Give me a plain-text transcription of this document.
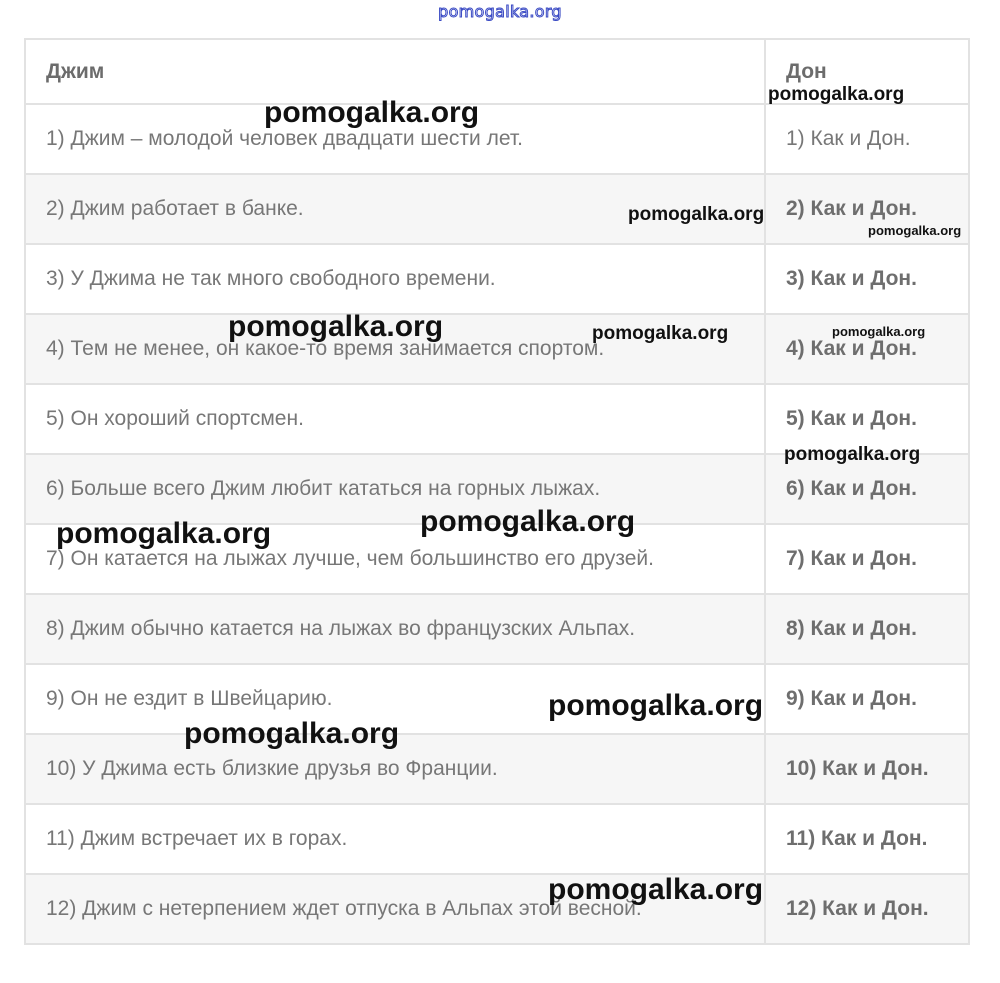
pomogalka.org
Джим	Дон
1) Джим – молодой человек двадцати шести лет.	1) Как и Дон.
2) Джим работает в банке.	2) Как и Дон.
3) У Джима не так много свободного времени.	3) Как и Дон.
4) Тем не менее, он какое-то время занимается спортом.	4) Как и Дон.
5) Он хороший спортсмен.	5) Как и Дон.
6) Больше всего Джим любит кататься на горных лыжах.	6) Как и Дон.
7) Он катается на лыжах лучше, чем большинство его друзей.	7) Как и Дон.
8) Джим обычно катается на лыжах во французских Альпах.	8) Как и Дон.
9) Он не ездит в Швейцарию.	9) Как и Дон.
10) У Джима есть близкие друзья во Франции.	10) Как и Дон.
11) Джим встречает их в горах.	11) Как и Дон.
12) Джим с нетерпением ждет отпуска в Альпах этой весной.	12) Как и Дон.
pomogalka.org
pomogalka.org
pomogalka.org
pomogalka.org
pomogalka.org	pomogalka.org	pomogalka.org
pomogalka.org
pomogalka.org
pomogalka.org
pomogalka.org
pomogalka.org
pomogalka.org
